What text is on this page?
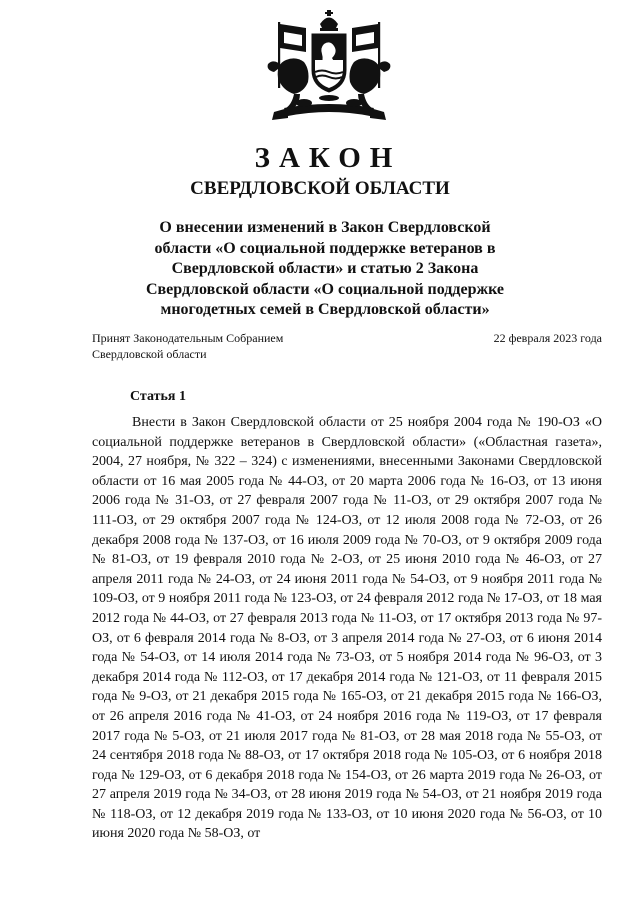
ЗАКОН
СВЕРДЛОВСКОЙ ОБЛАСТИ
О внесении изменений в Закон Свердловской
области «О социальной поддержке ветеранов в
Свердловской области» и статью 2 Закона
Свердловской области «О социальной поддержке
многодетных семей в Свердловской области»
Принят Законодательным Собранием
Свердловской области
22 февраля 2023 года
Статья 1

Внести в Закон Свердловской области от 25 ноября 2004 года № 190-ОЗ «О социальной поддержке ветеранов в Свердловской области» («Областная газета», 2004, 27 ноября, № 322 – 324) с изменениями, внесенными Законами Свердловской области от 16 мая 2005 года № 44-ОЗ, от 20 марта 2006 года № 16-ОЗ, от 13 июня 2006 года № 31-ОЗ, от 27 февраля 2007 года № 11-ОЗ, от 29 октября 2007 года № 111-ОЗ, от 29 октября 2007 года № 124-ОЗ, от 12 июля 2008 года № 72-ОЗ, от 26 декабря 2008 года № 137-ОЗ, от 16 июля 2009 года № 70-ОЗ, от 9 октября 2009 года № 81-ОЗ, от 19 февраля 2010 года № 2-ОЗ, от 25 июня 2010 года № 46-ОЗ, от 27 апреля 2011 года № 24-ОЗ, от 24 июня 2011 года № 54-ОЗ, от 9 ноября 2011 года № 109-ОЗ, от 9 ноября 2011 года № 123-ОЗ, от 24 февраля 2012 года № 17-ОЗ, от 18 мая 2012 года № 44-ОЗ, от 27 февраля 2013 года № 11-ОЗ, от 17 октября 2013 года № 97-ОЗ, от 6 февраля 2014 года № 8-ОЗ, от 3 апреля 2014 года № 27-ОЗ, от 6 июня 2014 года № 54-ОЗ, от 14 июля 2014 года № 73-ОЗ, от 5 ноября 2014 года № 96-ОЗ, от 3 декабря 2014 года № 112-ОЗ, от 17 декабря 2014 года № 121-ОЗ, от 11 февраля 2015 года № 9-ОЗ, от 21 декабря 2015 года № 165-ОЗ, от 21 декабря 2015 года № 166-ОЗ, от 26 апреля 2016 года № 41-ОЗ, от 24 ноября 2016 года № 119-ОЗ, от 17 февраля 2017 года № 5-ОЗ, от 21 июля 2017 года № 81-ОЗ, от 28 мая 2018 года № 55-ОЗ, от 24 сентября 2018 года № 88-ОЗ, от 17 октября 2018 года № 105-ОЗ, от 6 ноября 2018 года № 129-ОЗ, от 6 декабря 2018 года № 154-ОЗ, от 26 марта 2019 года № 26-ОЗ, от 27 апреля 2019 года № 34-ОЗ, от 28 июня 2019 года № 54-ОЗ, от 21 ноября 2019 года № 118-ОЗ, от 12 декабря 2019 года № 133-ОЗ, от 10 июня 2020 года № 56-ОЗ, от 10 июня 2020 года № 58-ОЗ, от
